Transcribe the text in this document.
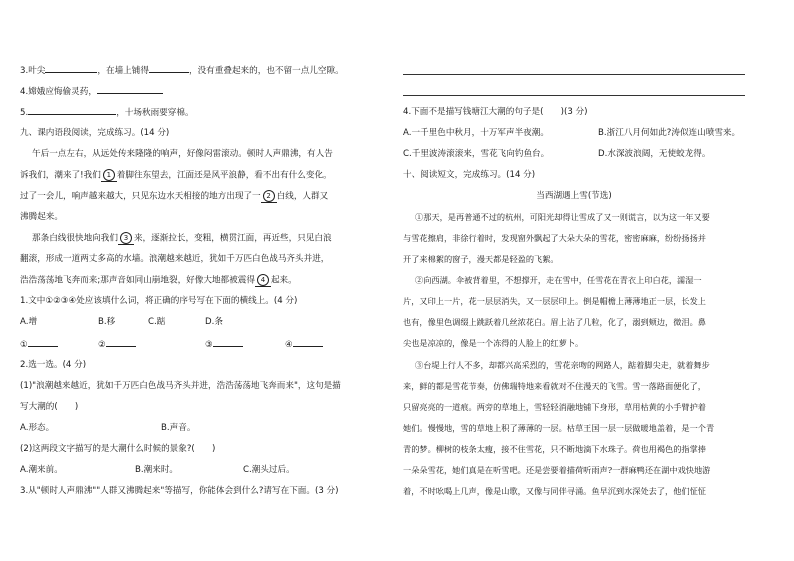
3.叶尖	，在墙上铺得	，没有重叠起来的，也不留一点儿空隙。
4.嫦娥应悔偷灵药，
5.	，十场秋雨要穿棉。
九、课内语段阅读，完成练习。(14 分)
午后一点左右，从远处传来隆隆的响声，好像闷雷滚动。顿时人声鼎沸，有人告
诉我们，潮来了!我们 1 着脚往东望去，江面还是风平浪静，看不出有什么变化。
过了一会儿，响声越来越大，只见东边水天相接的地方出现了一 2 白线，人群又
沸腾起来。
那条白线很快地向我们 3 来，逐渐拉长，变粗，横贯江面，再近些，只见白浪
翻滚，形成一道两丈多高的水墙。浪潮越来越近，犹如千万匹白色战马齐头并进，
浩浩荡荡地飞奔而来;那声音如同山崩地裂，好像大地都被震得 4 起来。
1.文中①②③④处应该填什么词，将正确的序号写在下面的横线上。(4 分)
A.增	B.移	C.踮	D.条
①	②	③	④
2.选一选。(4 分)
(1)"浪潮越来越近，犹如千万匹白色战马齐头并进，浩浩荡荡地飞奔而来"，这句是描
写大潮的(　　)
A.形态。	B.声音。
(2)这两段文字描写的是大潮什么时候的景象?(　　)
A.潮来前。	B.潮来时。	C.潮头过后。
3.从"顿时人声鼎沸""人群又沸腾起来"等描写，你能体会到什么?请写在下面。(3 分)
4.下面不是描写钱塘江大潮的句子是(　　)(3 分)
A.一千里色中秋月，十万军声半夜潮。	B.浙江八月何如此?涛似连山喷雪来。
C.千里波涛滚滚来，雪花飞向钓鱼台。	D.水深波浪阔，无使蛟龙得。
十、阅读短文，完成练习。(14 分)
当西湖遇上雪(节选)
①那天，是再普通不过的杭州，可阳光却得让雪成了又一则谎言，以为这一年又要
与雪花擦肩，非徐行着时，发现窗外飘起了大朵大朵的雪花，密密麻麻，纷纷扬扬并
开了来棉絮的窗子，漫天都是轻盈的飞絮。
②向西湖。伞被背着里，不想撑开，走在雪中，任雪花在青衣上印白花，濡湿一
片，又印上一片，花一层层消失，又一层层印上。倒是帽檐上薄薄地正一层，长发上
也有，像里色调缀上跳跃着几丝浓花白。眉上沾了几粒，化了，溺到颊边，微泪。鼻
尖也是凉凉的，像是一个冻得的人脸上的红萝卜。
③台堤上行人不多，却都兴高采烈的，雪花亲吻的网路人，踮着脚尖走，就着舞步
来，鲜的都是雪花节奏，仿佛瑞特地来看就对不住漫天的飞雪。雪一落路面便化了，
只留亮亮的一道痕。两旁的草地上，雪轻轻消融地铺下身形，草用枯黄的小手臂护着
她们。慢慢地，雪的草地上积了薄薄的一层。枯草王国一层一层做暖地盖着，是一个青
青的梦。柳树的枝条太瘦，接不住雪花，只不断地滴下水珠子。荷也用褐色的指掌捧
一朵朵雪花，她们真是在听雪吧。还是尝要着描荷听雨声?一群麻鸭还在湖中戏快地游
着，不时吆喝上几声，像是山歌，又像与同伴寻涌。鱼早沉到水深处去了，他们怔怔
